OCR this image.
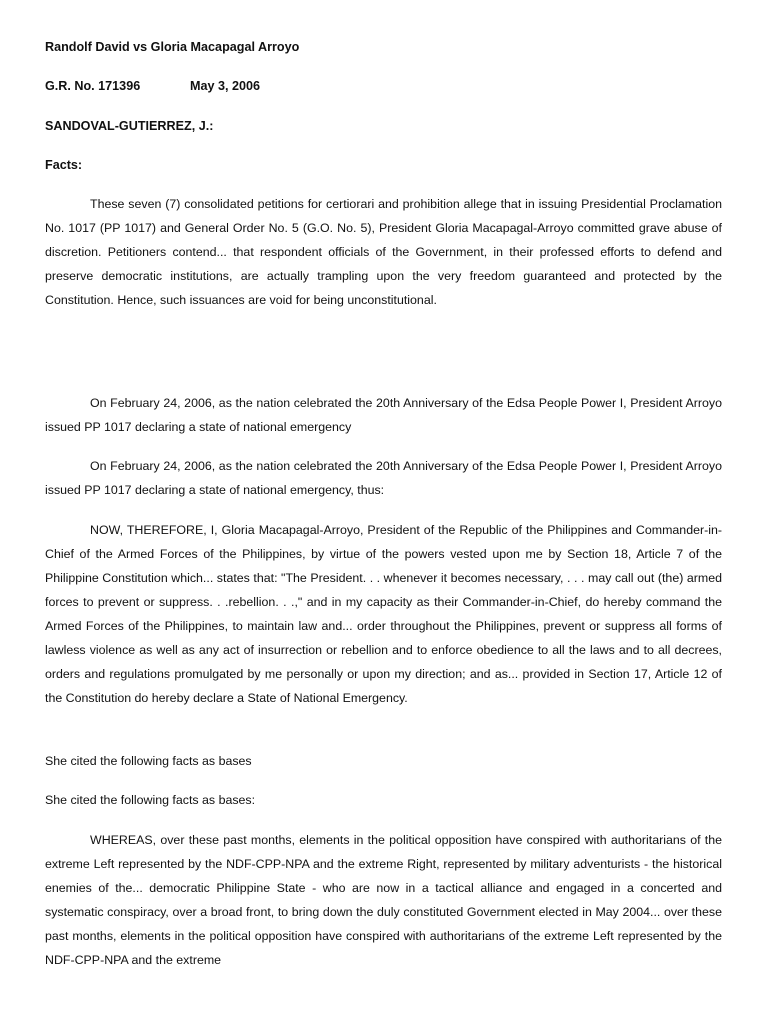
Randolf David vs Gloria Macapagal Arroyo

G.R. No. 171396	May 3, 2006

SANDOVAL-GUTIERREZ, J.:

Facts:

These seven (7) consolidated petitions for certiorari and prohibition allege that in issuing Presidential Proclamation No. 1017 (PP 1017) and General Order No. 5 (G.O. No. 5), President Gloria Macapagal-Arroyo committed grave abuse of discretion. Petitioners contend... that respondent officials of the Government, in their professed efforts to defend and preserve democratic institutions, are actually trampling upon the very freedom guaranteed and protected by the Constitution. Hence, such issuances are void for being unconstitutional.

On February 24, 2006, as the nation celebrated the 20th Anniversary of the Edsa People Power I, President Arroyo issued PP 1017 declaring a state of national emergency

On February 24, 2006, as the nation celebrated the 20th Anniversary of the Edsa People Power I, President Arroyo issued PP 1017 declaring a state of national emergency, thus:

NOW, THEREFORE, I, Gloria Macapagal-Arroyo, President of the Republic of the Philippines and Commander-in-Chief of the Armed Forces of the Philippines, by virtue of the powers vested upon me by Section 18, Article 7 of the Philippine Constitution which... states that: "The President. . . whenever it becomes necessary, . . . may call out (the) armed forces to prevent or suppress. . .rebellion. . .," and in my capacity as their Commander-in-Chief, do hereby command the Armed Forces of the Philippines, to maintain law and... order throughout the Philippines, prevent or suppress all forms of lawless violence as well as any act of insurrection or rebellion and to enforce obedience to all the laws and to all decrees, orders and regulations promulgated by me personally or upon my direction; and as... provided in Section 17, Article 12 of the Constitution do hereby declare a State of National Emergency.

She cited the following facts as bases

She cited the following facts as bases:

WHEREAS, over these past months, elements in the political opposition have conspired with authoritarians of the extreme Left represented by the NDF-CPP-NPA and the extreme Right, represented by military adventurists - the historical enemies of the... democratic Philippine State - who are now in a tactical alliance and engaged in a concerted and systematic conspiracy, over a broad front, to bring down the duly constituted Government elected in May 2004... over these past months, elements in the political opposition have conspired with authoritarians of the extreme Left represented by the NDF-CPP-NPA and the extreme
